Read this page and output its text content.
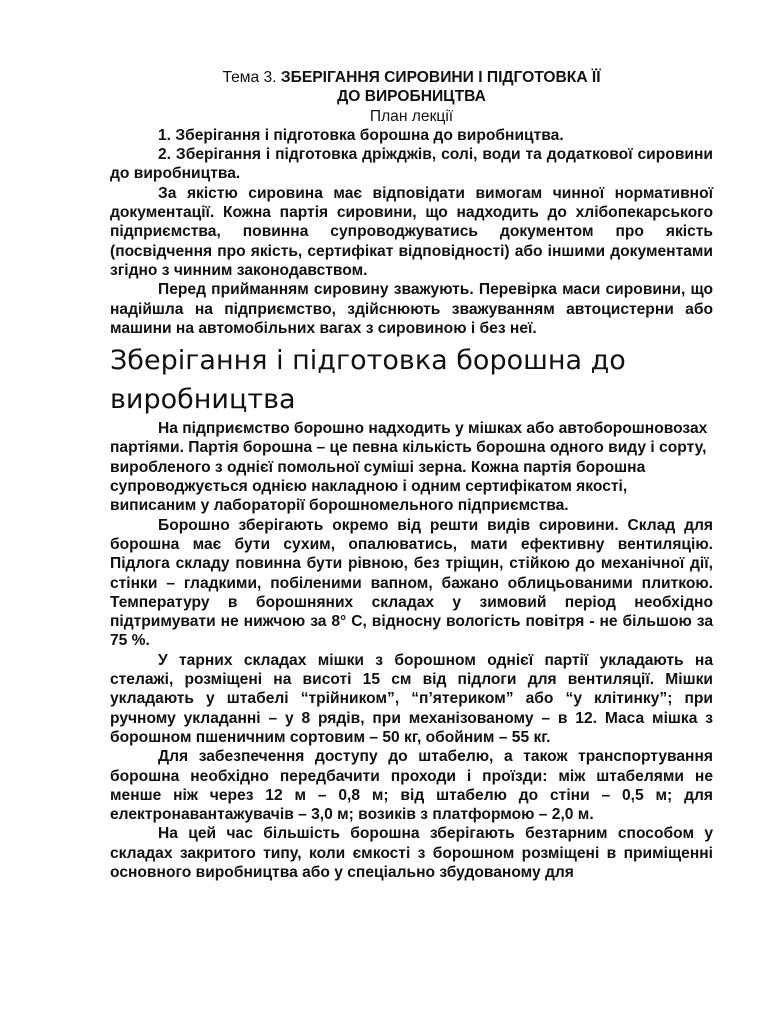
Тема 3. ЗБЕРІГАННЯ СИРОВИНИ І ПІДГОТОВКА ЇЇ
ДО ВИРОБНИЦТВА

План лекції

1. Зберігання і підготовка борошна до виробництва.

2. Зберігання і підготовка дріжджів, солі, води та додаткової сировини до виробництва.

За якістю сировина має відповідати вимогам чинної нормативної документації. Кожна партія сировини, що надходить до хлібопекарського підприємства, повинна супроводжуватись документом про якість (посвідчення про якість, сертифікат відповідності) або іншими документами згідно з чинним законодавством.

Перед прийманням сировину зважують. Перевірка маси сировини, що надійшла на підприємство, здійснюють зважуванням автоцистерни або машини на автомобільних вагах з сировиною і без неї.

Зберігання і підготовка борошна до виробництва

На підприємство борошно надходить у мішках або автоборошновозах партіями. Партія борошна – це певна кількість борошна одного виду і сорту, виробленого з однієї помольної суміші зерна. Кожна партія борошна супроводжується однією накладною і одним сертифікатом якості, виписаним у лабораторії борошномельного підприємства.

Борошно зберігають окремо від решти видів сировини. Склад для борошна має бути сухим, опалюватись, мати ефективну вентиляцію. Підлога складу повинна бути рівною, без тріщин, стійкою до механічної дії, стінки – гладкими, побіленими вапном, бажано облицьованими плиткою. Температуру в борошняних складах у зимовий період необхідно підтримувати не нижчою за 8° С, відносну вологість повітря - не більшою за 75 %.

У тарних складах мішки з борошном однієї партії укладають на стелажі, розміщені на висоті 15 см від підлоги для вентиляції. Мішки укладають у штабелі “трійником”, “п’ятериком” або “у клітинку”; при ручному укладанні – у 8 рядів, при механізованому – в 12. Маса мішка з борошном пшеничним сортовим – 50 кг, обойним – 55 кг.

Для забезпечення доступу до штабелю, а також транспортування борошна необхідно передбачити проходи і проїзди: між штабелями не менше ніж через 12 м – 0,8 м; від штабелю до стіни – 0,5 м; для електронавантажувачів – 3,0 м; возиків з платформою – 2,0 м.

На цей час більшість борошна зберігають безтарним способом у складах закритого типу, коли ємкості з борошном розміщені в приміщенні основного виробництва або у спеціально збудованому для
